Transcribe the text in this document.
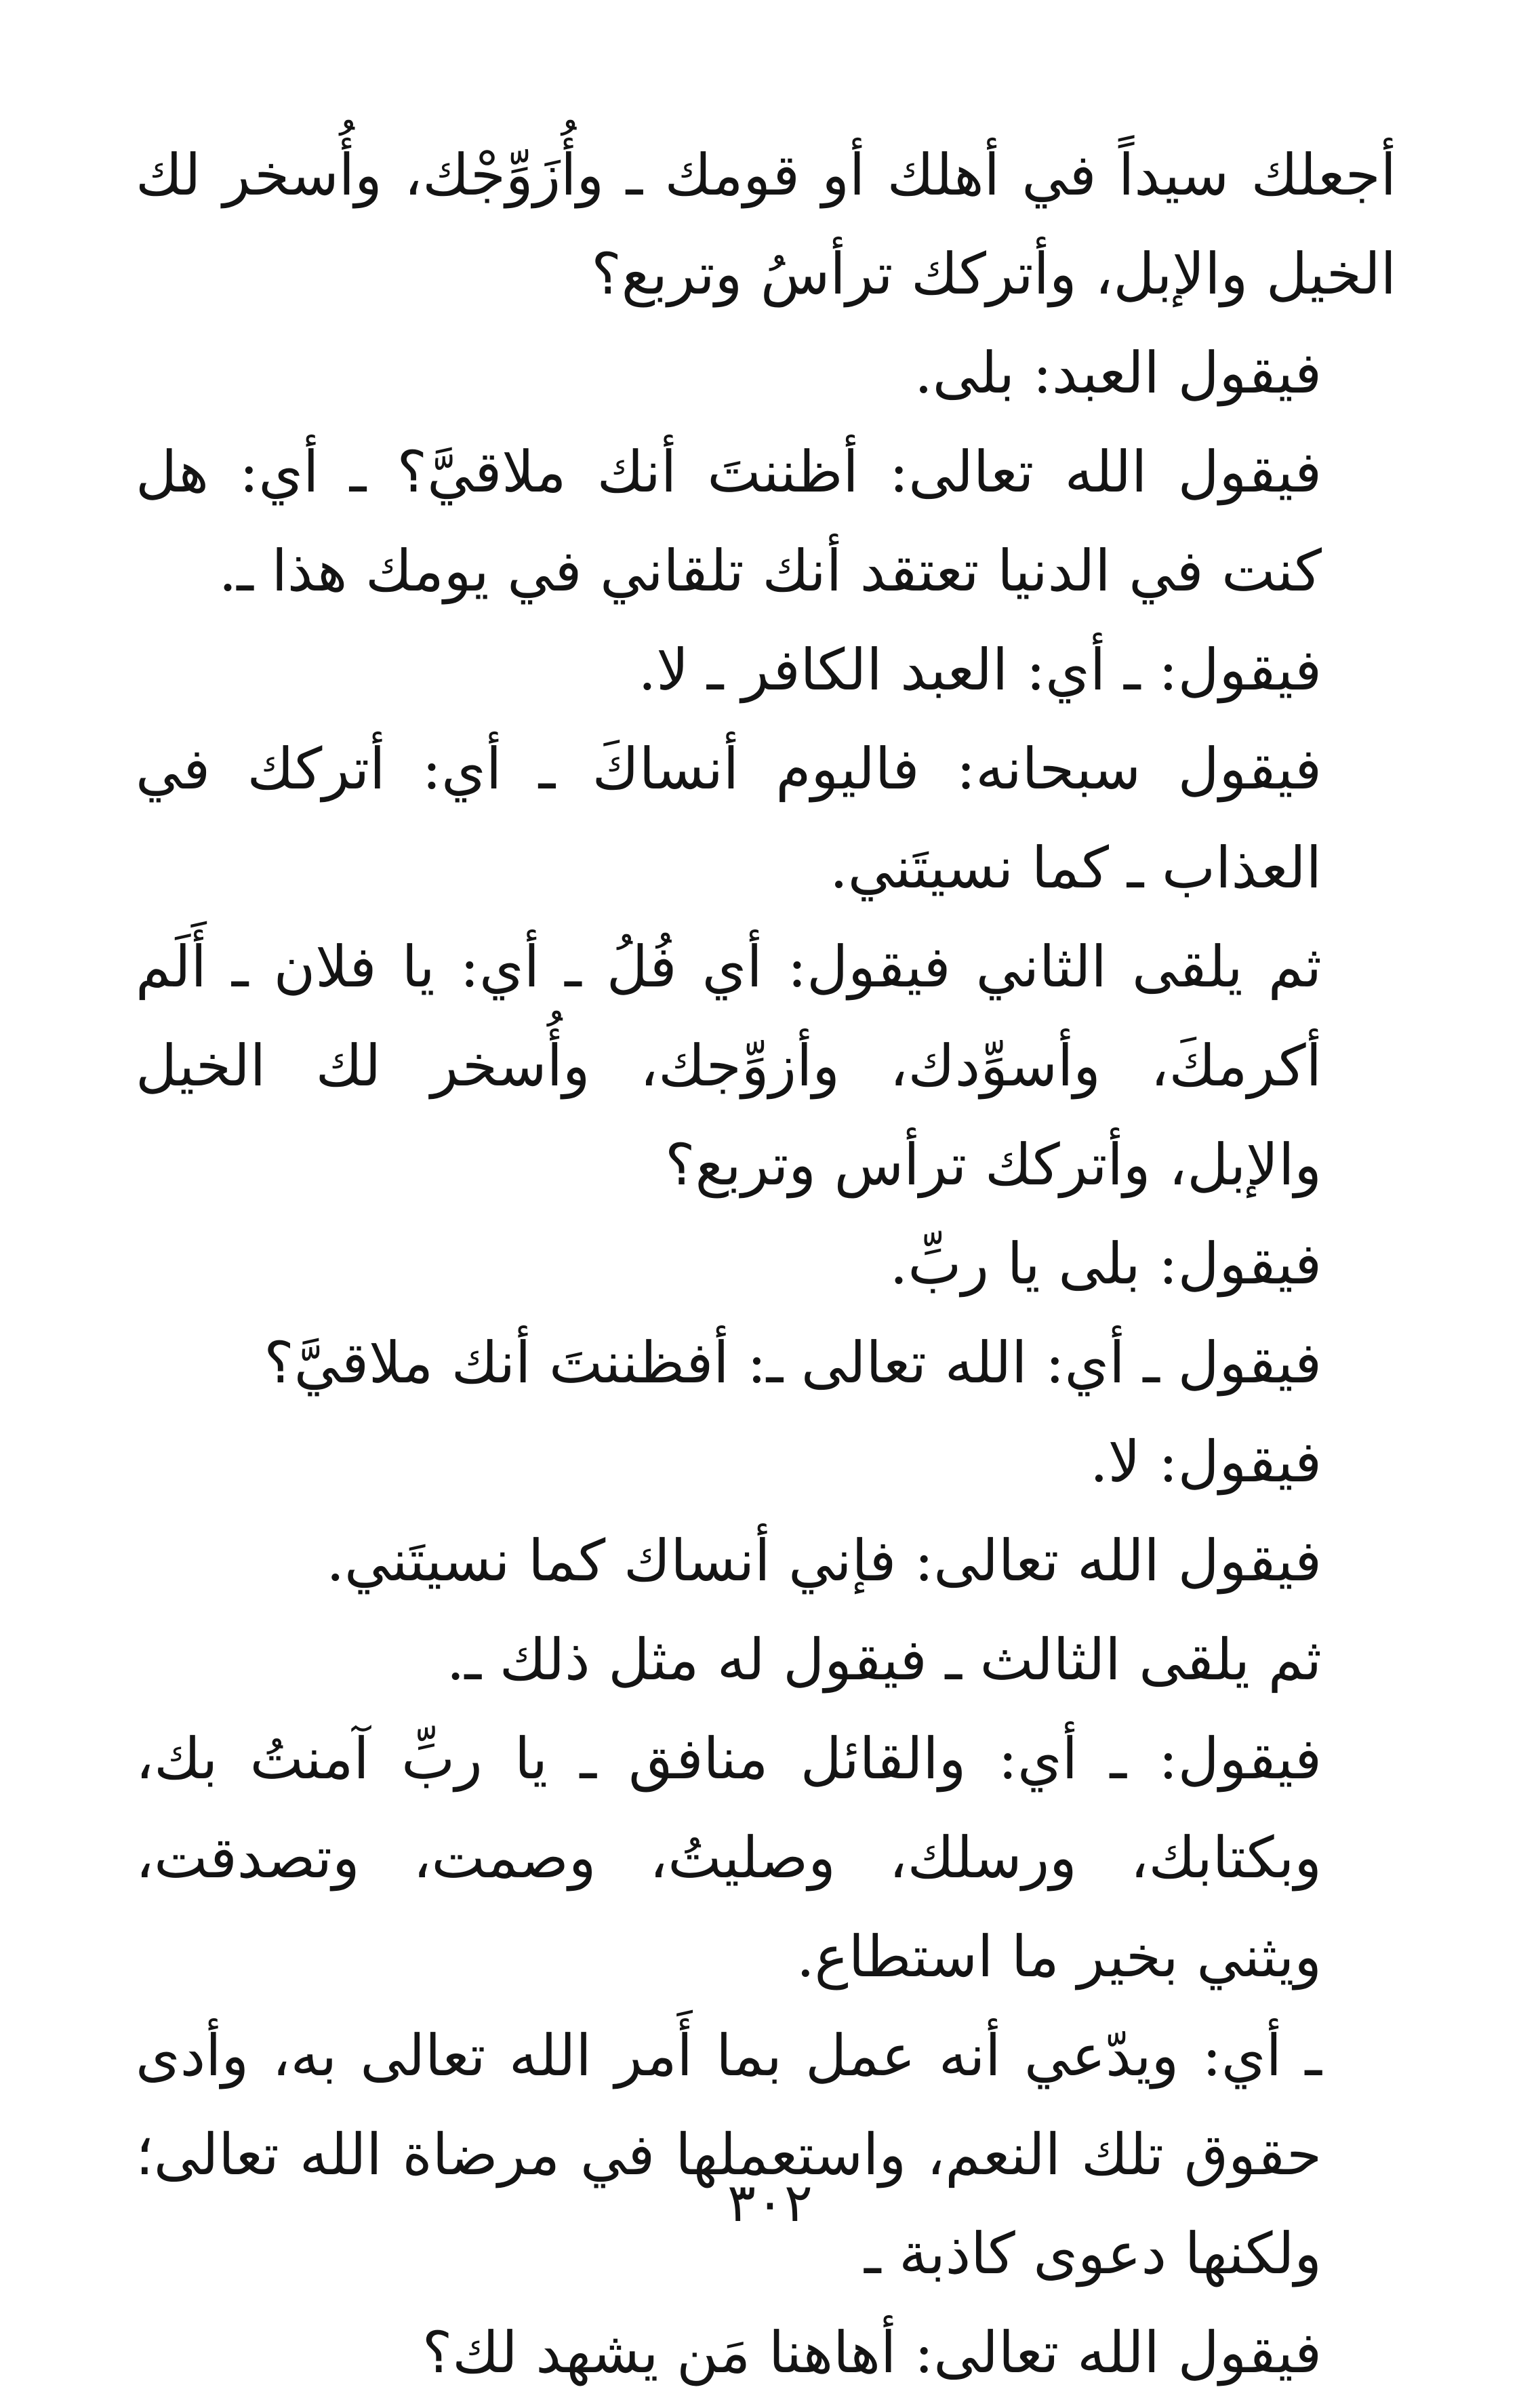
أجعلك سيداً في أهلك أو قومك ـ وأُزَوِّجْك، وأُسخر لك الخيل والإبل، وأتركك ترأسُ وتربع؟

فيقول العبد: بلى.

فيقول الله تعالى: أظننتَ أنك ملاقيَّ؟ ـ أي: هل كنت في الدنيا تعتقد أنك تلقاني في يومك هذا ـ.

فيقول: ـ أي: العبد الكافر ـ لا.

فيقول سبحانه: فاليوم أنساكَ ـ أي: أتركك في العذاب ـ كما نسيتَني.

ثم يلقى الثاني فيقول: أي فُلُ ـ أي: يا فلان ـ أَلَم أكرمكَ، وأسوِّدك، وأزوِّجك، وأُسخر لك الخيل والإبل، وأتركك ترأس وتربع؟

فيقول: بلى يا ربِّ.

فيقول ـ أي: الله تعالى ـ: أفظننتَ أنك ملاقيَّ؟

فيقول: لا.

فيقول الله تعالى: فإني أنساك كما نسيتَني.

ثم يلقى الثالث ـ فيقول له مثل ذلك ـ.

فيقول: ـ أي: والقائل منافق ـ يا ربِّ آمنتُ بك، وبكتابك، ورسلك، وصليتُ، وصمت، وتصدقت، ويثني بخير ما استطاع.

ـ أي: ويدّعي أنه عمل بما أَمر الله تعالى به، وأدى حقوق تلك النعم، واستعملها في مرضاة الله تعالى؛ ولكنها دعوى كاذبة ـ

فيقول الله تعالى: أهاهنا مَن يشهد لك؟

٣٠٢
